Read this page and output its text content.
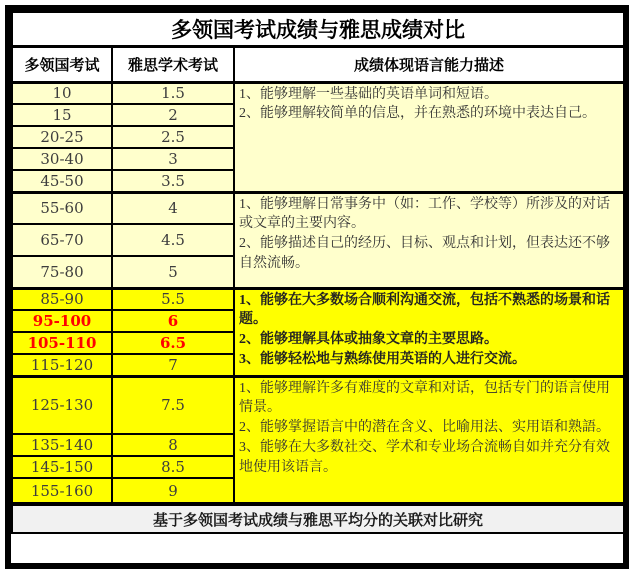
多领国考试成绩与雅思成绩对比		
多领国考试	雅思学术考试	成绩体现语言能力描述
10	1.5	1、能够理解一些基础的英语单词和短语。
2、能够理解较简单的信息，并在熟悉的环境中表达自己。

15	2	
20-25	2.5	
30-40	3	
45-50	3.5	
55-60	4	1、能够理解日常事务中（如：工作、学校等）所涉及的对话或文章的主要内容。
2、能够描述自己的经历、目标、观点和计划，但表达还不够自然流畅。

65-70	4.5	
75-80	5	
85-90	5.5	1、能够在大多数场合顺利沟通交流，包括不熟悉的场景和话题。
2、能够理解具体或抽象文章的主要思路。
3、能够轻松地与熟练使用英语的人进行交流。

95-100	6	
105-110	6.5	
115-120	7	
125-130	7.5	1、能够理解许多有难度的文章和对话，包括专门的语言使用情景。
2、能够掌握语言中的潜在含义、比喻用法、实用语和熟語。
3、能够在大多数社交、学术和专业场合流畅自如并充分有效地使用该语言。

135-140	8	
145-150	8.5	
155-160	9	
基于多领国考试成绩与雅思平均分的关联对比研究		
